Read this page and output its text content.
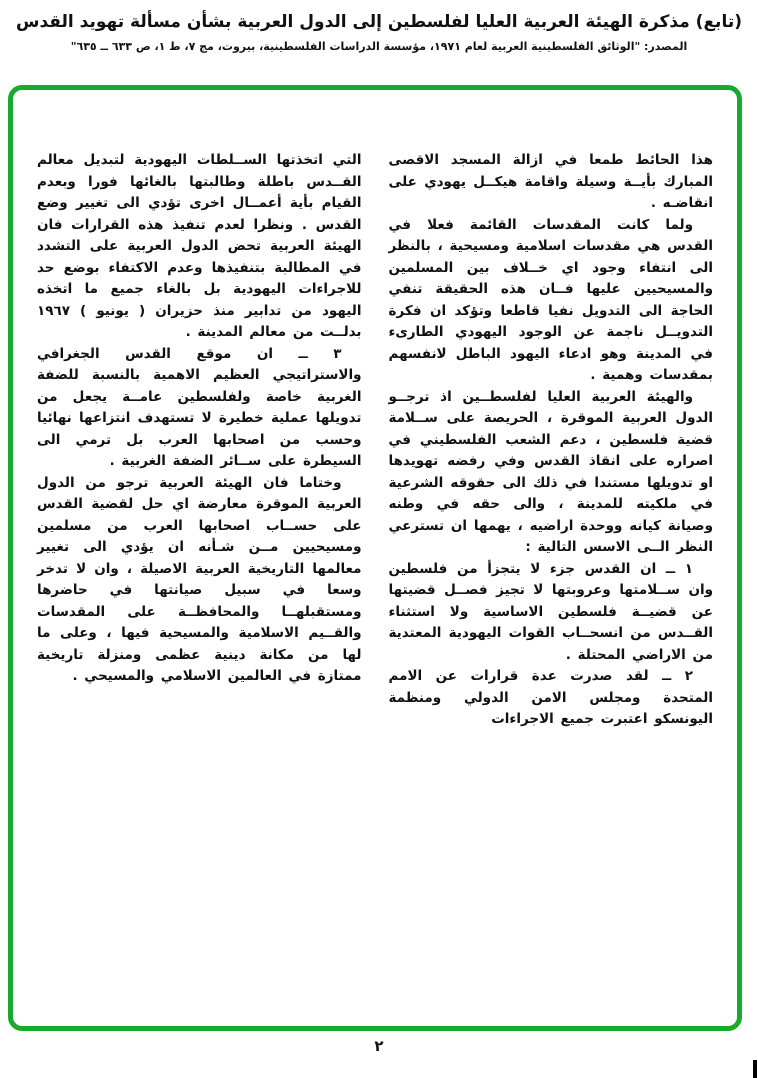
(تابع) مذكرة الهيئة العربية العليا لفلسطين إلى الدول العربية بشأن مسألة تهويد القدس
المصدر: "الوثائق الفلسطينية العربية لعام ١٩٧١، مؤسسة الدراسات الفلسطينية، بيروت، مج ٧، ط ١، ص ٦٣٣ ــ ٦٣٥"

هذا الحائط طمعا في ازالة المسجد الاقصى المبارك بأيــة وسيلة واقامة هيكــل يهودي على انقاضـه .

ولما كانت المقدسات القائمة فعلا في القدس هي مقدسات اسلامية ومسيحية ، بالنظر الى انتفاء وجود اي خــلاف بين المسلمين والمسيحيين عليها فــان هذه الحقيقة تنفي الحاجة الى التدويل نفيا قاطعا وتؤكد ان فكرة التدويــل ناجمة عن الوجود اليهودي الطارىء في المدينة وهو ادعاء اليهود الباطل لانفسهم بمقدسات وهمية .

والهيئة العربية العليا لفلسطــين اذ ترجــو الدول العربية الموقرة ، الحريصة على ســلامة قضية فلسطين ، دعم الشعب الفلسطيني في اصراره على انقاذ القدس وفي رفضه تهويدها او تدويلها مستندا في ذلك الى حقوقه الشرعية في ملكيته للمدينة ، والى حقه في وطنه وصيانة كيانه ووحدة اراضيه ، يهمها ان تسترعي النظر الــى الاسس التالية :

١ ــ ان القدس جزء لا يتجزأ من فلسطين وان ســلامتها وعروبتها لا تجيز فصــل قضيتها عن قضيــة فلسطين الاساسية ولا استثناء القــدس من انسحــاب القوات اليهودية المعتدية من الاراضي المحتلة .

٢ ــ لقد صدرت عدة قرارات عن الامم المتحدة ومجلس الامن الدولي ومنظمة اليونسكو اعتبرت جميع الاجراءات

التي اتخذتها الســلطات اليهودية لتبديل معالم القــدس باطلة وطالبتها بالغائها فورا وبعدم القيام بأية أعمــال اخرى تؤدي الى تغيير وضع القدس . ونظرا لعدم تنفيذ هذه القرارات فان الهيئة العربية تحض الدول العربية على التشدد في المطالبة بتنفيذها وعدم الاكتفاء بوضع حد للاجراءات اليهودية بل بالغاء جميع ما اتخذه اليهود من تدابير منذ حزيران ( يونيو ) ١٩٦٧ بدلــت من معالم المدينة .

٣ ــ ان موقع القدس الجغرافي والاستراتيجي العظيم الاهمية بالنسبة للضفة الغربية خاصة ولفلسطين عامــة يجعل من تدويلها عملية خطيرة لا تستهدف انتزاعها نهائيا وحسب من اصحابها العرب بل ترمي الى السيطرة على ســائر الضفة الغربية .

وختاما فان الهيئة العربية ترجو من الدول العربية الموقرة معارضة اي حل لقضية القدس على حســاب اصحابها العرب من مسلمين ومسيحيين مــن شـأنه ان يؤدي الى تغيير معالمها التاريخية العربية الاصيلة ، وان لا تدخر وسعا في سبيل صيانتها في حاضرها ومستقبلهــا والمحافظــة على المقدسات والقــيم الاسلامية والمسيحية فيها ، وعلى ما لها من مكانة دينية عظمى ومنزلة تاريخية ممتازة في العالمين الاسلامي والمسيحي .

٢
